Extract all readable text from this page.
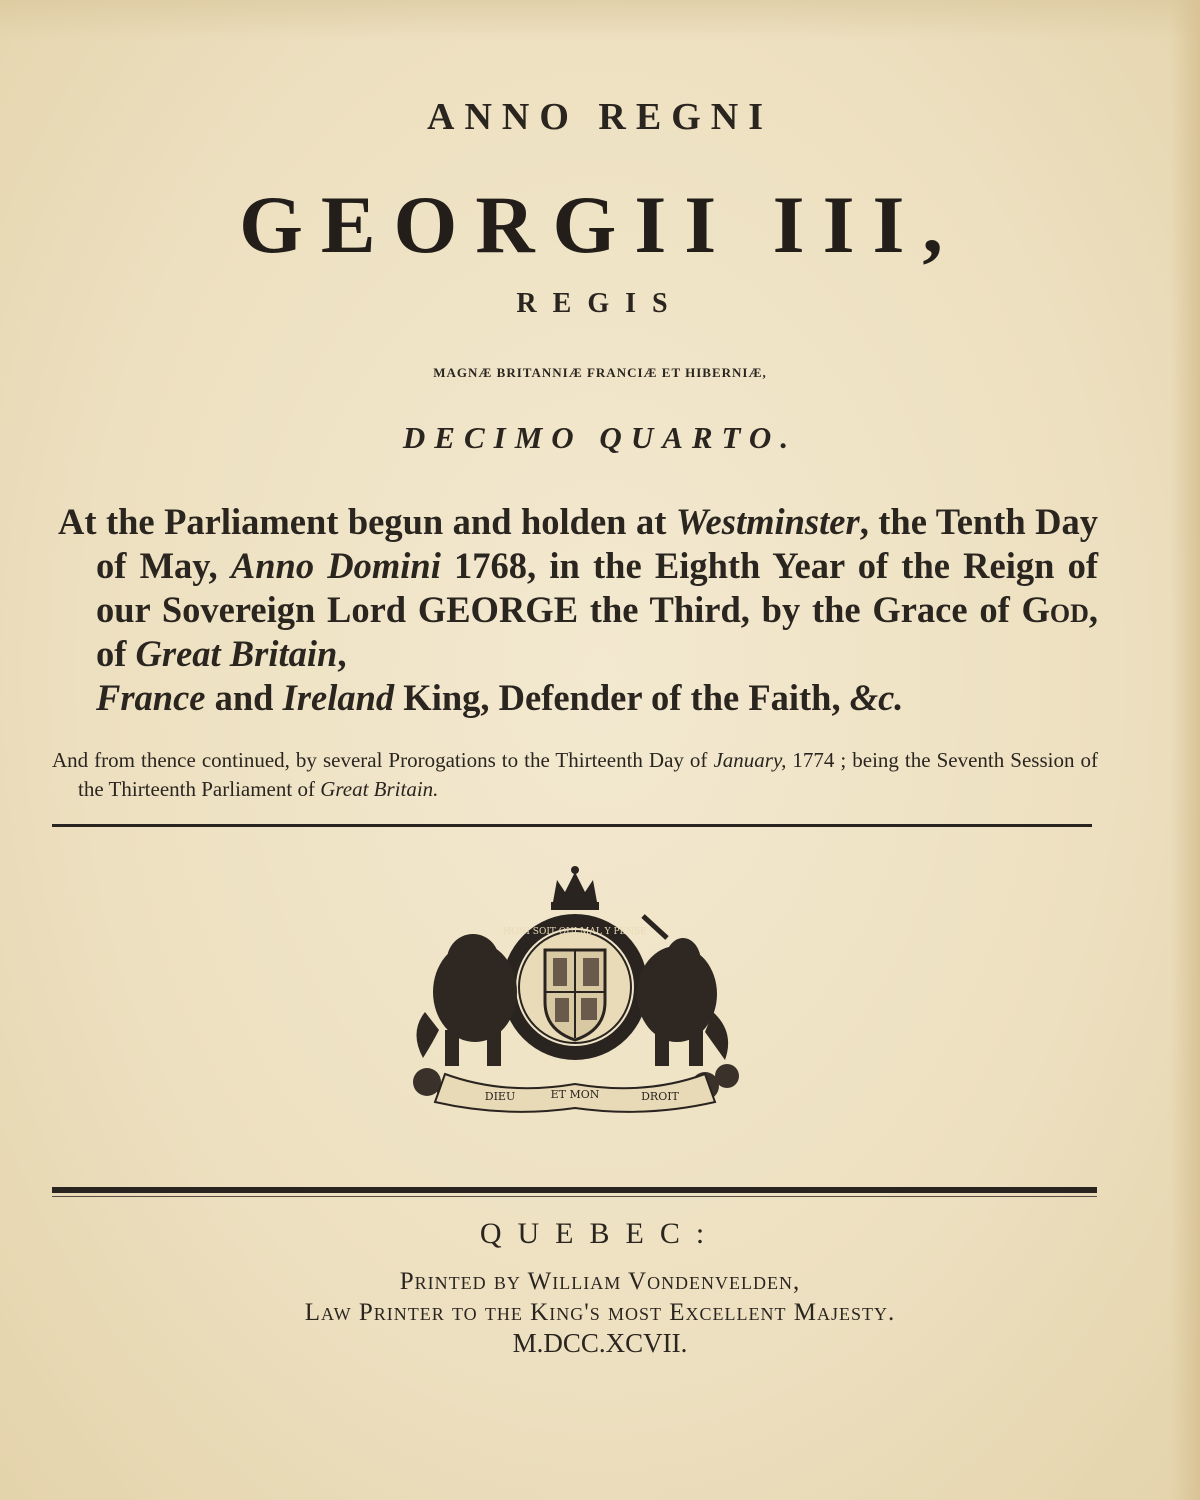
ANNO REGNI
GEORGII III,
REGIS
MAGNÆ BRITANNIÆ FRANCIÆ ET HIBERNIÆ,
DECIMO QUARTO.
At the Parliament begun and holden at Westminster, the Tenth Day of May, Anno Domini 1768, in the Eighth Year of the Reign of our Sovereign Lord GEORGE the Third, by the Grace of God, of Great Britain,
France and Ireland King, Defender of the Faith, &c.
And from thence continued, by several Prorogations to the Thirteenth Day of January, 1774 ; being the Seventh Session of the Thirteenth Parliament of Great Britain.
HONI SOIT QUI MAL Y PENSE
DIEU	ET MON	DROIT
QUEBEC:
Printed by William Vondenvelden,
Law Printer to the King's most Excellent Majesty.
M.DCC.XCVII.
